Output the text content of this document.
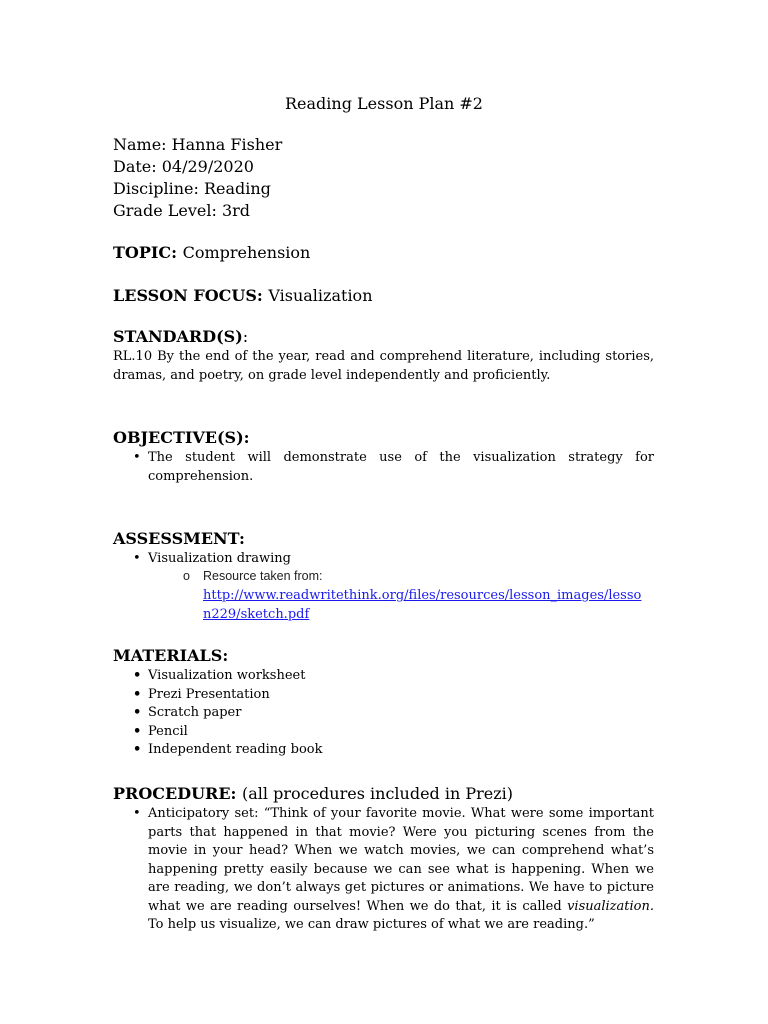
Reading Lesson Plan #2
Name: Hanna Fisher
Date: 04/29/2020
Discipline: Reading
Grade Level: 3rd
TOPIC: Comprehension
LESSON FOCUS: Visualization
STANDARD(S):
RL.10 By the end of the year, read and comprehend literature, including stories, dramas, and poetry, on grade level independently and proficiently.
OBJECTIVE(S):
• The student will demonstrate use of the visualization strategy for comprehension.
ASSESSMENT:
• Visualization drawing
o Resource taken from:
http://www.readwritethink.org/files/resources/lesson_images/lesso
n229/sketch.pdf
MATERIALS:
• Visualization worksheet
• Prezi Presentation
• Scratch paper
• Pencil
• Independent reading book
PROCEDURE: (all procedures included in Prezi)
• Anticipatory set: “Think of your favorite movie. What were some important parts that happened in that movie? Were you picturing scenes from the movie in your head? When we watch movies, we can comprehend what’s happening pretty easily because we can see what is happening. When we are reading, we don’t always get pictures or animations. We have to picture what we are reading ourselves! When we do that, it is called visualization. To help us visualize, we can draw pictures of what we are reading.”
